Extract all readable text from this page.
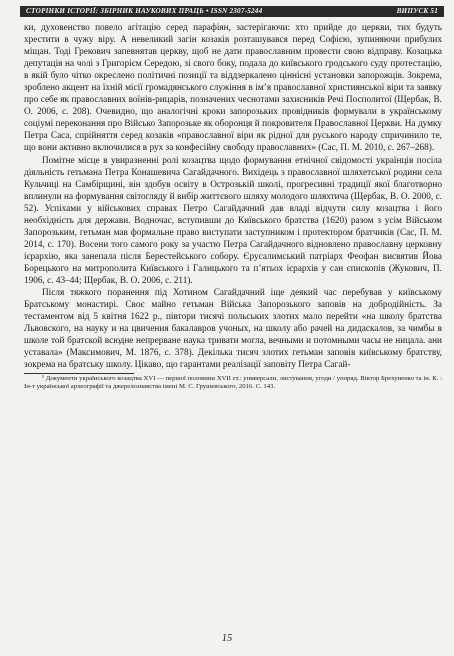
СТОРІНКИ ІСТОРІЇ: ЗБІРНИК НАУКОВИХ ПРАЦЬ • ISSN 2307-5244	ВИПУСК 51

ки, духовенство повело агітацію серед парафіян, застерігаючи: хто прийде до церкви, тих будуть хрестити в чужу віру. А невеликий загін козаків розташувався перед Софією, зупиняючи прибулих міщан. Тоді Грекович запевнятав церкву, щоб не дати православним провести свою відправу. Козацька депутація на чолі з Григорієм Середою, зі свого боку, подала до київського гродського суду протестацію, в якій було чітко окреслено політичні позиції та віддзеркалено ціннісні установки запорожців. Зокрема, зроблено акцент на їхній місії громадянського служіння в ім’я православної християнської віри та заявку про себе як православних воїнів-рицарів, позначених чеснотами захисників Речі Посполитої (Щербак, В. О. 2006, с. 208). Очевидно, що аналогічні кроки запорозьких провідників формували в українському соціумі переконання про Військо Запорозьке як оборонця й покровителя Православної Церкви. На думку Петра Саса, спрійняття серед козаків «православної віри як рідної для руського народу спричинило те, що вони активно включилися в рух за конфесійну свободу православних» (Сас, П. М. 2010, с. 267–268).

Помітне місце в увиразненні ролі козацтва щодо формування етнічної свідомості українців посіла діяльність гетьмана Петра Конашевича Сагайдачного. Вихідець з православної шляхетської родини села Кульчиці на Самбірщині, він здобув освіту в Острозькій школі, прогресивні традиції якої благотворно вплинули на формування світогляду й вибір життєвого шляху молодого шляхтича (Щербак, В. О. 2000, с. 52). Успіхами у військових справах Петро Сагайдачний дав владі відчути силу козацтва і його необхідність для держави. Водночас, вступивши до Київського братства (1620) разом з усім Військом Запорозьким, гетьман мав формальне право виступати заступником і протектором братчиків (Сас, П. М. 2014, с. 170). Восени того самого року за участю Петра Сагайдачного відновлено православну церковну ієрархію, яка занепала після Берестейського собору. Єрусалимський патріарх Феофан висвятив Йова Борецького на митрополита Київського і Галицького та п’ятьох ієрархів у сан єпископів (Жукович, П. 1906, с. 43–44; Щербак, В. О. 2006, с. 211).

Після тяжкого поранення під Хотином Сагайдачний іще деякий час перебував у київському Братському монастирі. Своє майно гетьман Війська Запорозького заповів на добродійність. За тестаментом від 5 квітня 1622 р., півтори тисячі польських злотих мало перейти «на школу братства Львовского, на науку и на цвичения бакалавров учоных, на школу або рачей на дидаскалов, за чимбы в школе той братской всюдне непрерване наука тривати могла, вечными и потомными часы не ницала. ани уставала» (Максимович, М. 1876, с. 378). Декілька тисяч злотих гетьман заповів київському братству, зокрема на братську школу. Цікаво, що гарантами реалізації заповіту Петра Сагай-

¹ Документи українського козацтва XVI — першої половини XVII ст.: универсали, листування, угоди / упоряд. Віктор Брехуненко та ін. К. : Ін-т української археографії та джерелознавства імені М. С. Грушевського, 2016. С. 143.

15
